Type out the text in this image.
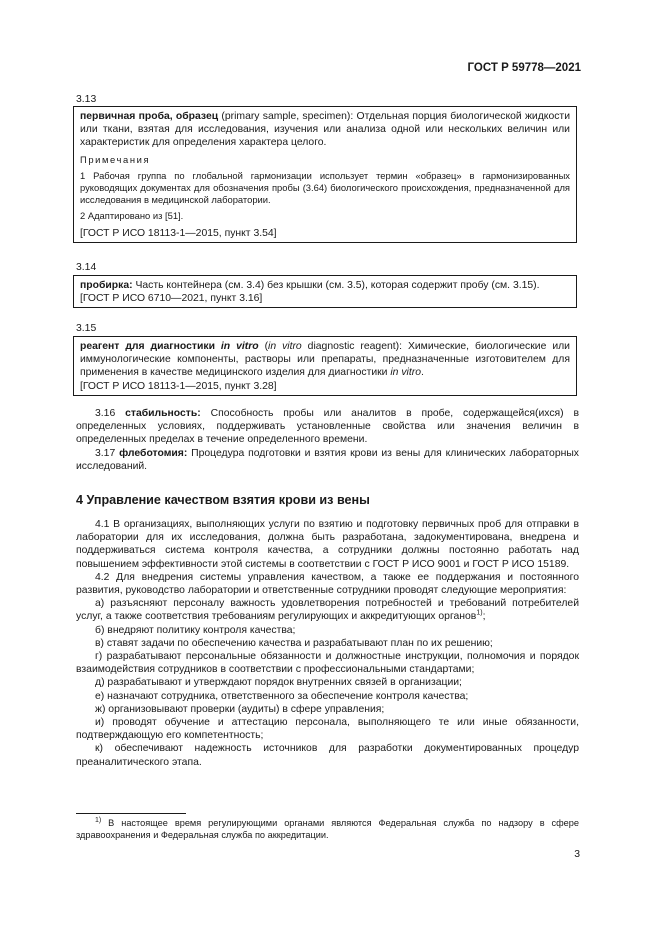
ГОСТ Р 59778—2021
3.13

первичная проба, образец (primary sample, specimen): Отдельная порция биологической жидкости или ткани, взятая для исследования, изучения или анализа одной или нескольких величин или характеристик для определения характера целого.

Примечания

1 Рабочая группа по глобальной гармонизации использует термин «образец» в гармонизированных руководящих документах для обозначения пробы (3.64) биологического происхождения, предназначенной для исследования в медицинской лаборатории.

2 Адаптировано из [51].

[ГОСТ Р ИСО 18113-1—2015, пункт 3.54]

3.14

пробирка: Часть контейнера (см. 3.4) без крышки (см. 3.5), которая содержит пробу (см. 3.15).

[ГОСТ Р ИСО 6710—2021, пункт 3.16]

3.15

реагент для диагностики in vitro (in vitro diagnostic reagent): Химические, биологические или иммунологические компоненты, растворы или препараты, предназначенные изготовителем для применения в качестве медицинского изделия для диагностики in vitro.

[ГОСТ Р ИСО 18113-1—2015, пункт 3.28]

3.16 стабильность: Способность пробы или аналитов в пробе, содержащейся(ихся) в определенных условиях, поддерживать установленные свойства или значения величин в определенных пределах в течение определенного времени.

3.17 флеботомия: Процедура подготовки и взятия крови из вены для клинических лабораторных исследований.

4 Управление качеством взятия крови из вены

4.1 В организациях, выполняющих услуги по взятию и подготовку первичных проб для отправки в лаборатории для их исследования, должна быть разработана, задокументирована, внедрена и поддерживаться система контроля качества, а сотрудники должны постоянно работать над повышением эффективности этой системы в соответствии с ГОСТ Р ИСО 9001 и ГОСТ Р ИСО 15189.

4.2 Для внедрения системы управления качеством, а также ее поддержания и постоянного развития, руководство лаборатории и ответственные сотрудники проводят следующие мероприятия:

а) разъясняют персоналу важность удовлетворения потребностей и требований потребителей услуг, а также соответствия требованиям регулирующих и аккредитующих органов$^{1)}$;

б) внедряют политику контроля качества;

в) ставят задачи по обеспечению качества и разрабатывают план по их решению;

г) разрабатывают персональные обязанности и должностные инструкции, полномочия и порядок взаимодействия сотрудников в соответствии с профессиональными стандартами;

д) разрабатывают и утверждают порядок внутренних связей в организации;

е) назначают сотрудника, ответственного за обеспечение контроля качества;

ж) организовывают проверки (аудиты) в сфере управления;

и) проводят обучение и аттестацию персонала, выполняющего те или иные обязанности, подтверждающую его компетентность;

к) обеспечивают надежность источников для разработки документированных процедур преаналитического этапа.

$^{1)}$ В настоящее время регулирующими органами являются Федеральная служба по надзору в сфере здравоохранения и Федеральная служба по аккредитации.
3
